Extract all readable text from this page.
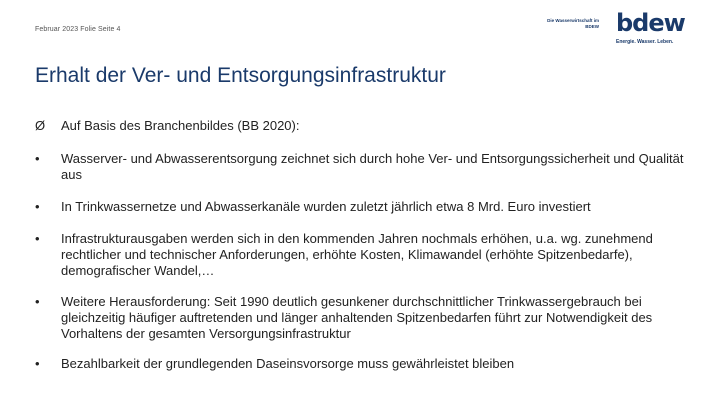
Februar 2023 Folie Seite 4
Die Wasserwirtschaft im BDEW bdew
Energie. Wasser. Leben.
Erhalt der Ver- und Entsorgungsinfrastruktur
Ø	Auf Basis des Branchenbildes (BB 2020):
•	Wasserver- und Abwasserentsorgung zeichnet sich durch hohe Ver- und Entsorgungssicherheit und Qualität aus
•	In Trinkwassernetze und Abwasserkanäle wurden zuletzt jährlich etwa 8 Mrd. Euro investiert
•	Infrastrukturausgaben werden sich in den kommenden Jahren nochmals erhöhen, u.a. wg. zunehmend rechtlicher und technischer Anforderungen, erhöhte Kosten, Klimawandel (erhöhte Spitzenbedarfe), demografischer Wandel,…
•	Weitere Herausforderung: Seit 1990 deutlich gesunkener durchschnittlicher Trinkwassergebrauch bei gleichzeitig häufiger auftretenden und länger anhaltenden Spitzenbedarfen führt zur Notwendigkeit des Vorhaltens der gesamten Versorgungsinfrastruktur
•	Bezahlbarkeit der grundlegenden Daseinsvorsorge muss gewährleistet bleiben
